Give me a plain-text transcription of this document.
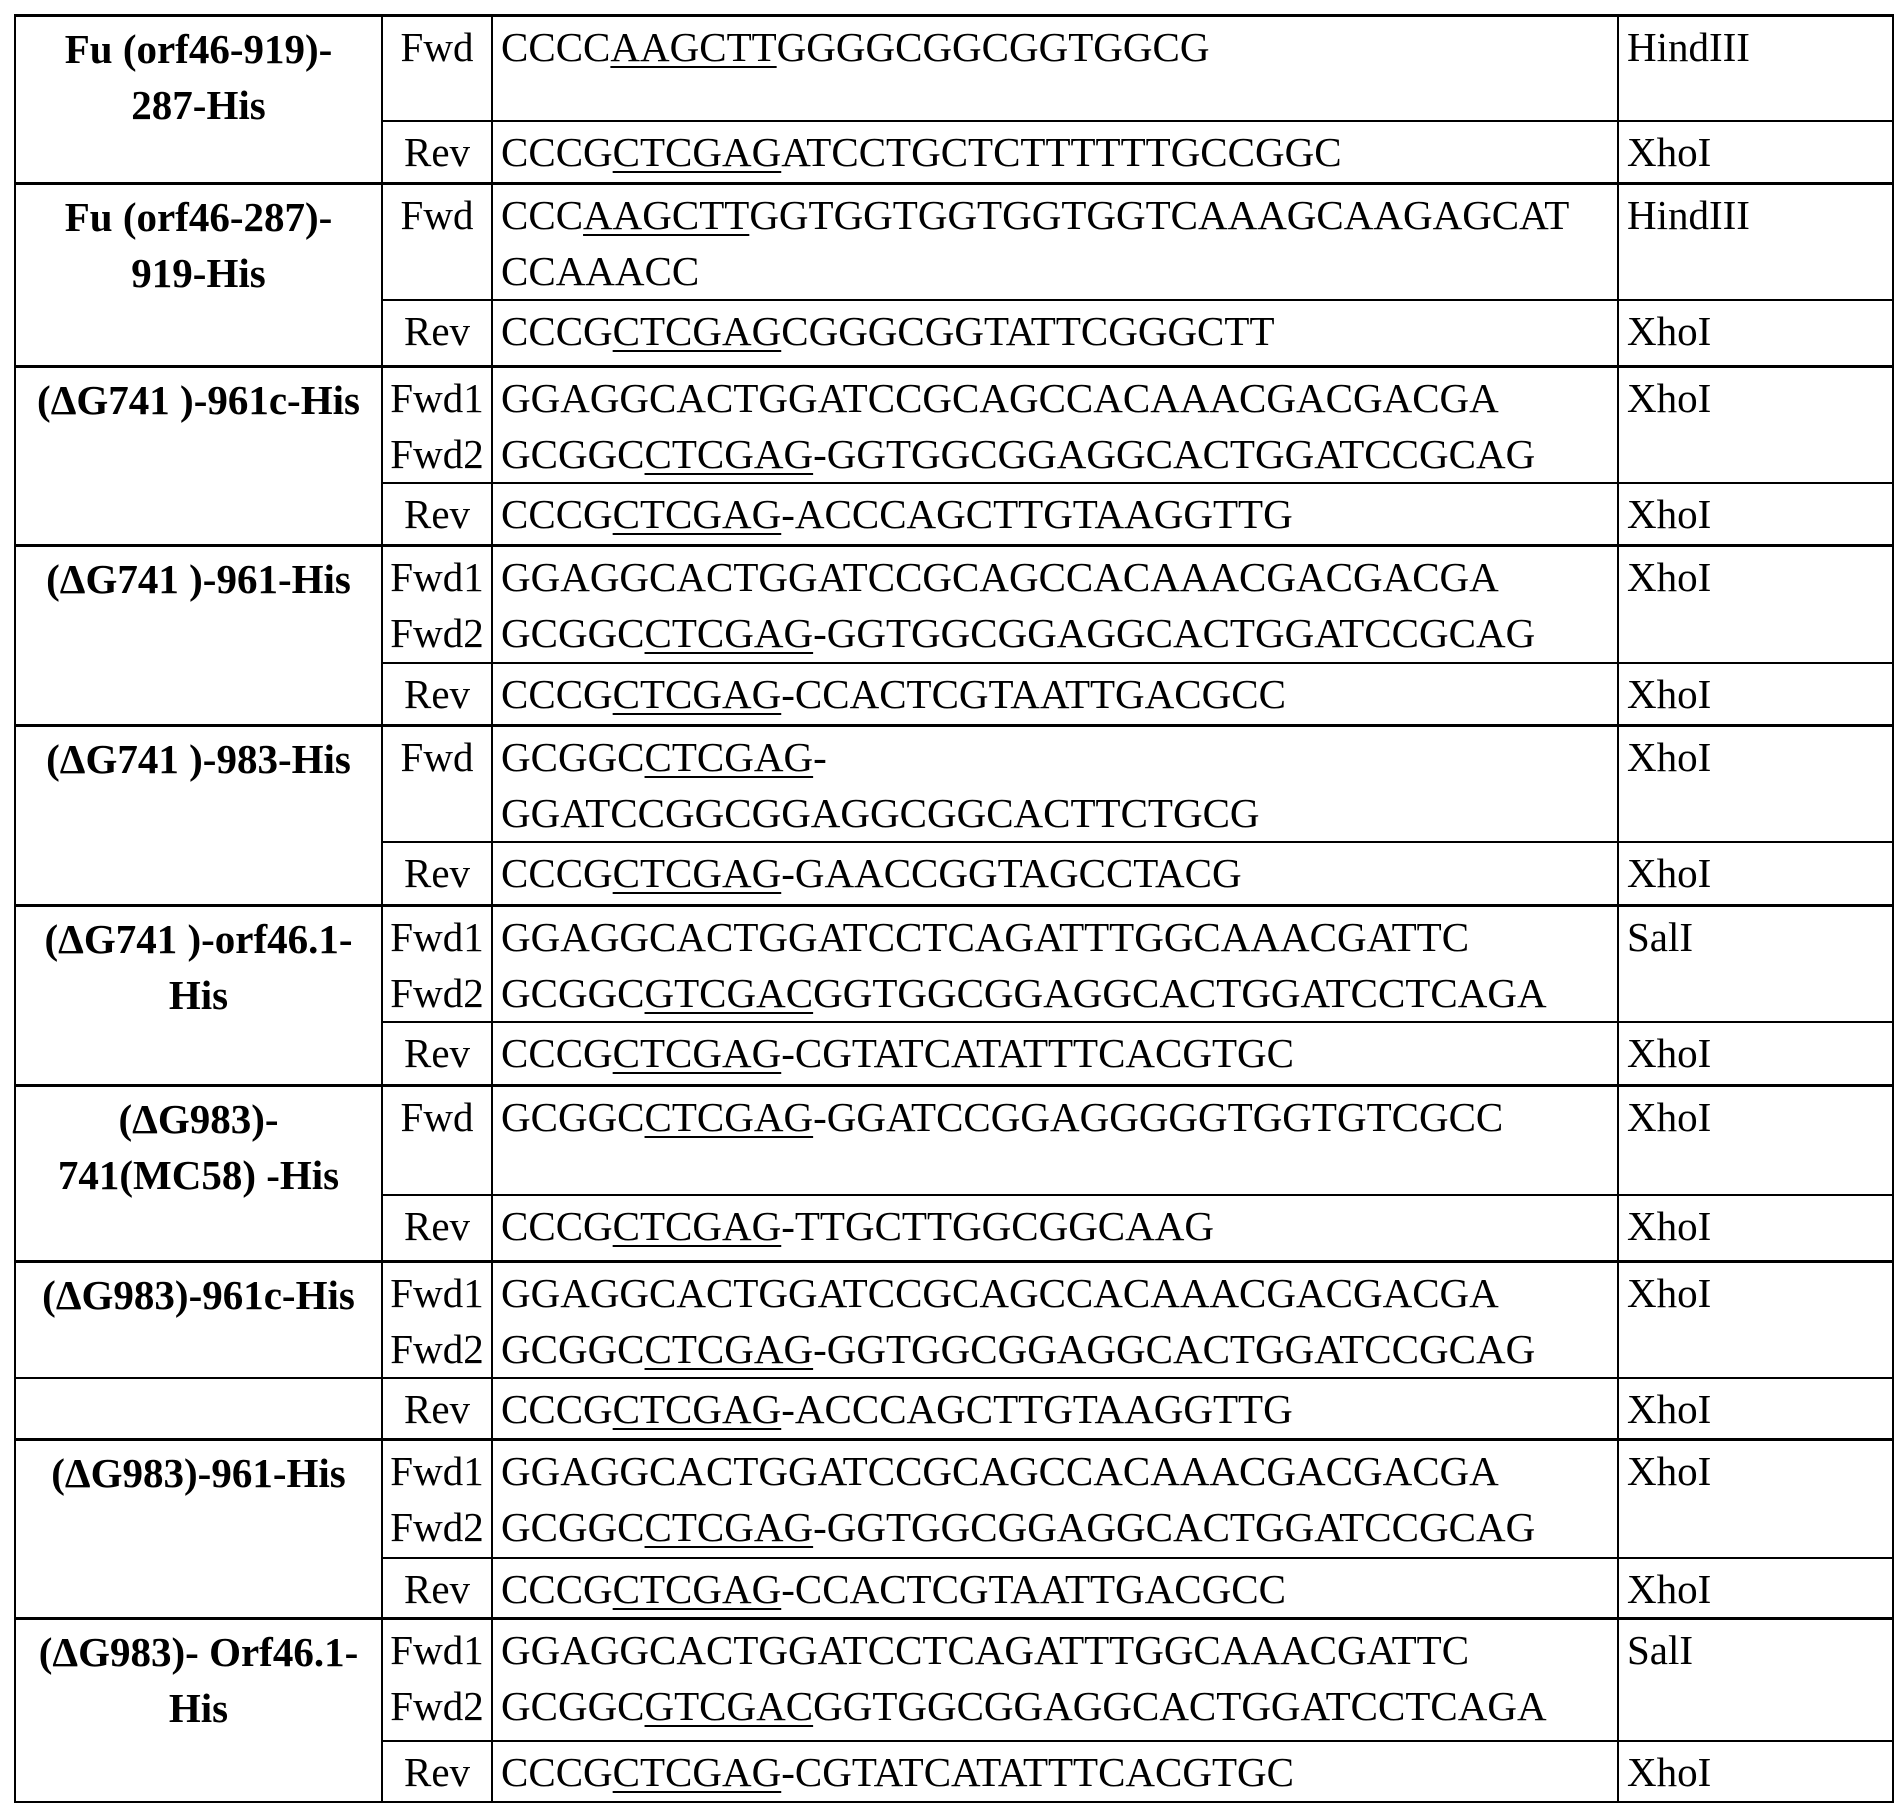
Fu (orf46-919)-
287-His	
Fwd	CCCCAAGCTTGGGGCGGCGGTGGCG	HindIII
Rev	CCCGCTCGAGATCCTGCTCTTTTTTGCCGGC	XhoI
Fu (orf46-287)-
919-His	
Fwd	CCCAAGCTTGGTGGTGGTGGTGGTCAAAGCAAGAGCAT
CCAAACC
	HindIII
Rev	CCCGCTCGAGCGGGCGGTATTCGGGCTT	XhoI
(ΔG741 )-961c-His	Fwd1
Fwd2

GGAGGCACTGGATCCGCAGCCACAAACGACGACGA
GCGGCCTCGAG-GGTGGCGGAGGCACTGGATCCGCAG
	XhoI
Rev	CCCGCTCGAG-ACCCAGCTTGTAAGGTTG	XhoI
(ΔG741 )-961-His	Fwd1
Fwd2

GGAGGCACTGGATCCGCAGCCACAAACGACGACGA
GCGGCCTCGAG-GGTGGCGGAGGCACTGGATCCGCAG
	XhoI
Rev	CCCGCTCGAG-CCACTCGTAATTGACGCC	XhoI
(ΔG741 )-983-His	Fwd	GCGGCCTCGAG-
GGATCCGGCGGAGGCGGCACTTCTGCG
	XhoI
Rev	CCCGCTCGAG-GAACCGGTAGCCTACG	XhoI
(ΔG741 )-orf46.1-
His	
Fwd1
Fwd2

GGAGGCACTGGATCCTCAGATTTGGCAAACGATTC
GCGGCGTCGACGGTGGCGGAGGCACTGGATCCTCAGA
	SalI
Rev	CCCGCTCGAG-CGTATCATATTTCACGTGC	XhoI
(ΔG983)-
741(MC58) -His	
Fwd	GCGGCCTCGAG-GGATCCGGAGGGGGTGGTGTCGCC	XhoI
Rev	CCCGCTCGAG-TTGCTTGGCGGCAAG	XhoI
(ΔG983)-961c-His	Fwd1
Fwd2

GGAGGCACTGGATCCGCAGCCACAAACGACGACGA
GCGGCCTCGAG-GGTGGCGGAGGCACTGGATCCGCAG
	XhoI
	Rev	CCCGCTCGAG-ACCCAGCTTGTAAGGTTG	XhoI
(ΔG983)-961-His	Fwd1
Fwd2

GGAGGCACTGGATCCGCAGCCACAAACGACGACGA
GCGGCCTCGAG-GGTGGCGGAGGCACTGGATCCGCAG
	XhoI
Rev	CCCGCTCGAG-CCACTCGTAATTGACGCC	XhoI
(ΔG983)- Orf46.1-
His	
Fwd1
Fwd2

GGAGGCACTGGATCCTCAGATTTGGCAAACGATTC
GCGGCGTCGACGGTGGCGGAGGCACTGGATCCTCAGA
	SalI
Rev	CCCGCTCGAG-CGTATCATATTTCACGTGC	XhoI
